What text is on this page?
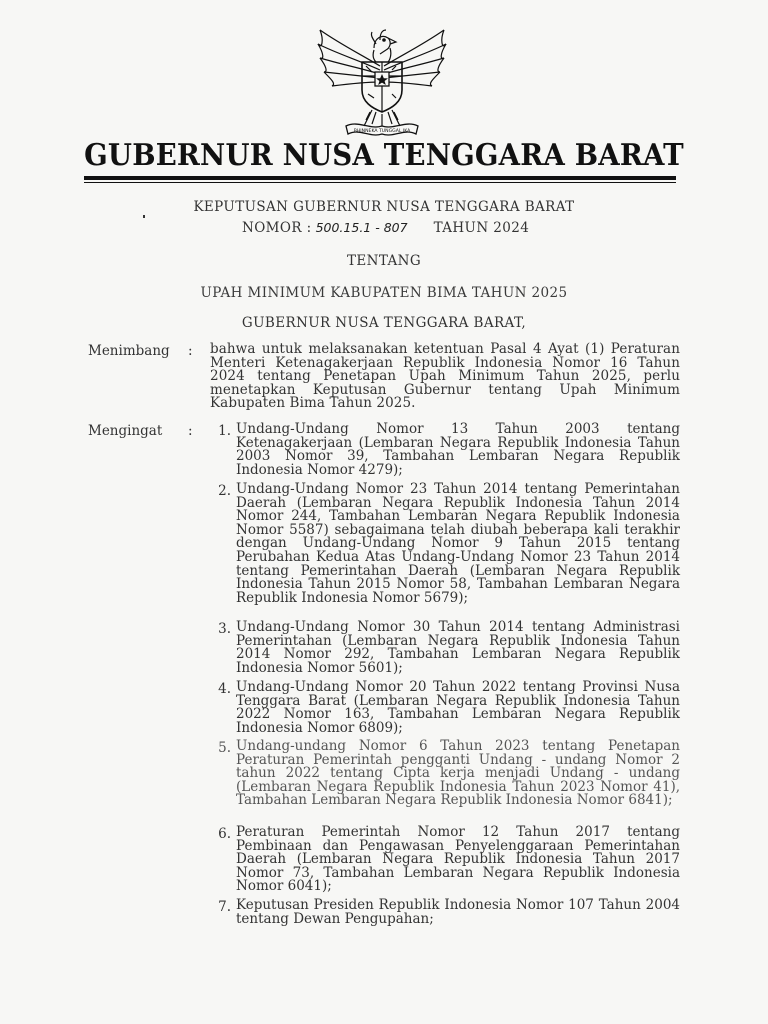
BHINNEKA TUNGGAL IKA
GUBERNUR NUSA TENGGARA BARAT
KEPUTUSAN GUBERNUR NUSA TENGGARA BARAT
NOMOR : 500.15.1 - 807 TAHUN 2024
TENTANG
UPAH MINIMUM KABUPATEN BIMA TAHUN 2025
GUBERNUR NUSA TENGGARA BARAT,
Menimbang : bahwa untuk melaksanakan ketentuan Pasal 4 Ayat (1) Peraturan Menteri Ketenagakerjaan Republik Indonesia Nomor 16 Tahun 2024 tentang Penetapan Upah Minimum Tahun 2025, perlu menetapkan Keputusan Gubernur tentang Upah Minimum Kabupaten Bima Tahun 2025.
Mengingat :	1. Undang-Undang Nomor 13 Tahun 2003 tentang Ketenagakerjaan (Lembaran Negara Republik Indonesia Tahun 2003 Nomor 39, Tambahan Lembaran Negara Republik Indonesia Nomor 4279);
2. Undang-Undang Nomor 23 Tahun 2014 tentang Pemerintahan Daerah (Lembaran Negara Republik Indonesia Tahun 2014 Nomor 244, Tambahan Lembaran Negara Republik Indonesia Nomor 5587) sebagaimana telah diubah beberapa kali terakhir dengan Undang-Undang Nomor 9 Tahun 2015 tentang Perubahan Kedua Atas Undang-Undang Nomor 23 Tahun 2014 tentang Pemerintahan Daerah (Lembaran Negara Republik Indonesia Tahun 2015 Nomor 58, Tambahan Lembaran Negara Republik Indonesia Nomor 5679);
3. Undang-Undang Nomor 30 Tahun 2014 tentang Administrasi Pemerintahan (Lembaran Negara Republik Indonesia Tahun 2014 Nomor 292, Tambahan Lembaran Negara Republik Indonesia Nomor 5601);
4. Undang-Undang Nomor 20 Tahun 2022 tentang Provinsi Nusa Tenggara Barat (Lembaran Negara Republik Indonesia Tahun 2022 Nomor 163, Tambahan Lembaran Negara Republik Indonesia Nomor 6809);
5. Undang-undang Nomor 6 Tahun 2023 tentang Penetapan Peraturan Pemerintah pengganti Undang - undang Nomor 2 tahun 2022 tentang Cipta kerja menjadi Undang - undang (Lembaran Negara Republik Indonesia Tahun 2023 Nomor 41), Tambahan Lembaran Negara Republik Indonesia Nomor 6841);
6. Peraturan Pemerintah Nomor 12 Tahun 2017 tentang Pembinaan dan Pengawasan Penyelenggaraan Pemerintahan Daerah (Lembaran Negara Republik Indonesia Tahun 2017 Nomor 73, Tambahan Lembaran Negara Republik Indonesia Nomor 6041);
7. Keputusan Presiden Republik Indonesia Nomor 107 Tahun 2004 tentang Dewan Pengupahan;
